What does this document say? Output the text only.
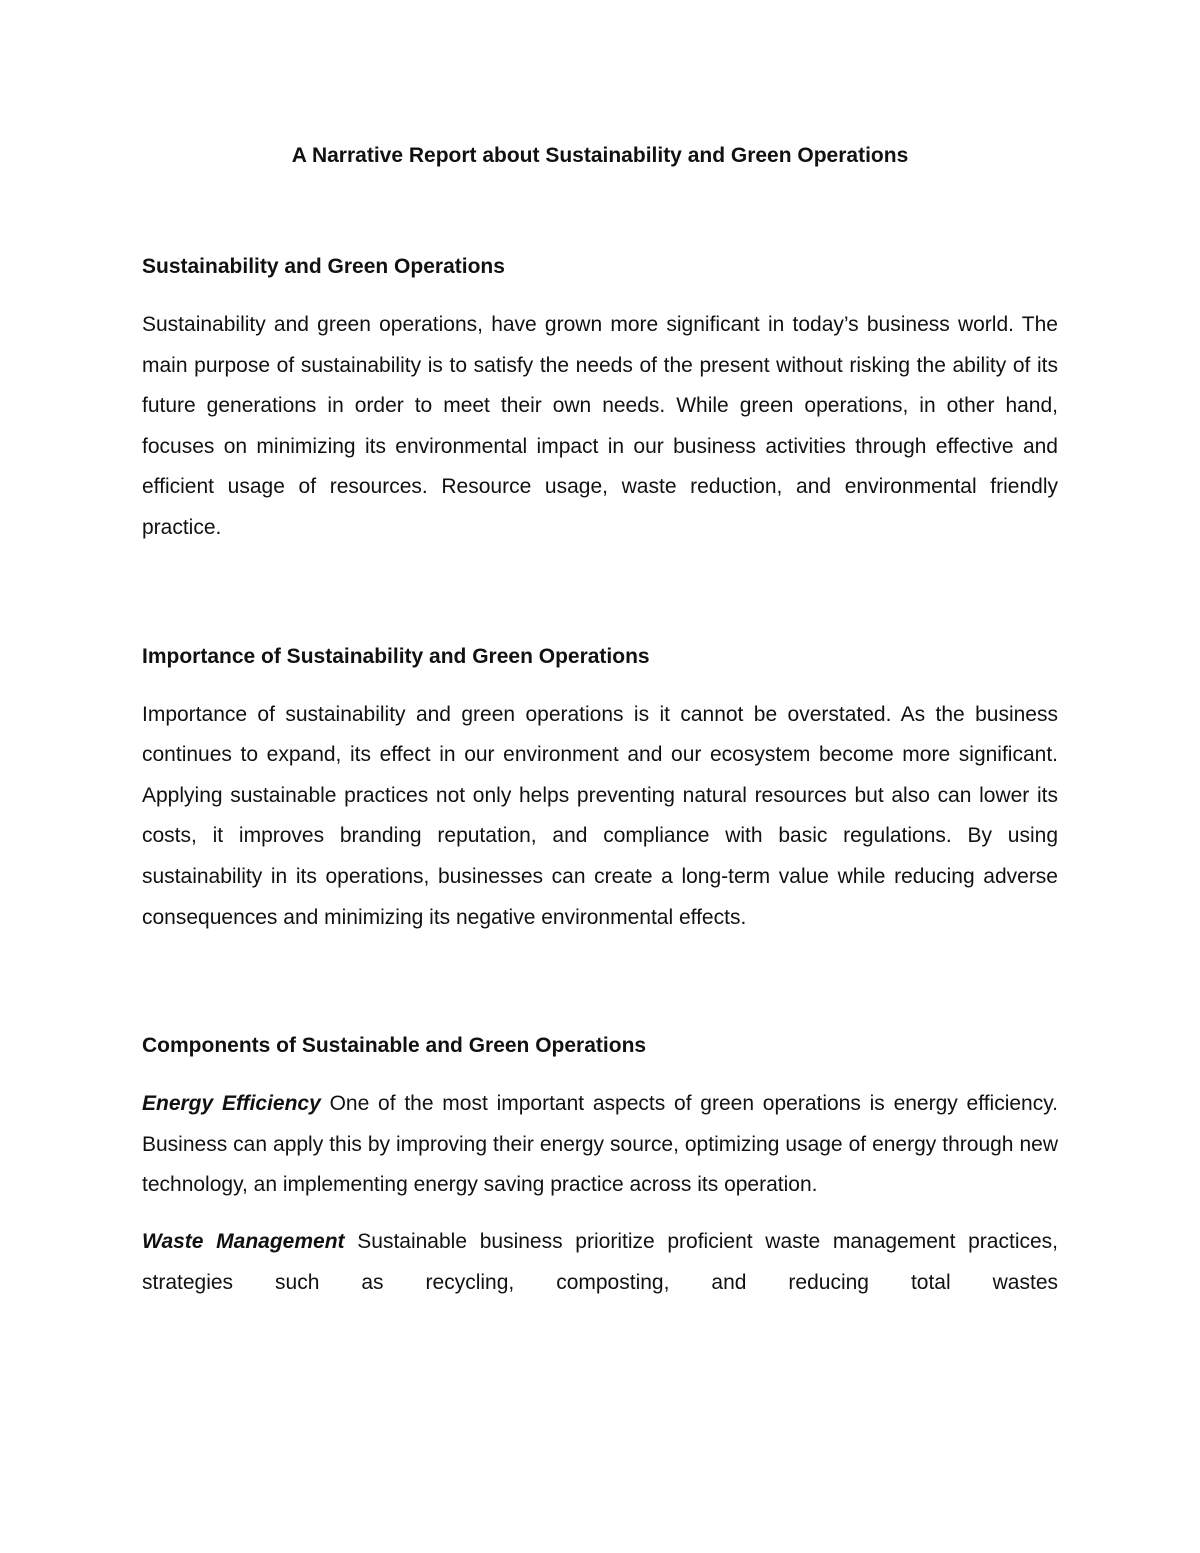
A Narrative Report about Sustainability and Green Operations
Sustainability and Green Operations

Sustainability and green operations, have grown more significant in today’s business world. The main purpose of sustainability is to satisfy the needs of the present without risking the ability of its future generations in order to meet their own needs. While green operations, in other hand, focuses on minimizing its environmental impact in our business activities through effective and efficient usage of resources. Resource usage, waste reduction, and environmental friendly practice.

Importance of Sustainability and Green Operations

Importance of sustainability and green operations is it cannot be overstated. As the business continues to expand, its effect in our environment and our ecosystem become more significant. Applying sustainable practices not only helps preventing natural resources but also can lower its costs, it improves branding reputation, and compliance with basic regulations. By using sustainability in its operations, businesses can create a long-term value while reducing adverse consequences and minimizing its negative environmental effects.

Components of Sustainable and Green Operations

Energy Efficiency One of the most important aspects of green operations is energy efficiency. Business can apply this by improving their energy source, optimizing usage of energy through new technology, an implementing energy saving practice across its operation.

Waste Management Sustainable business prioritize proficient waste management practices, strategies such as recycling, composting, and reducing total wastes
